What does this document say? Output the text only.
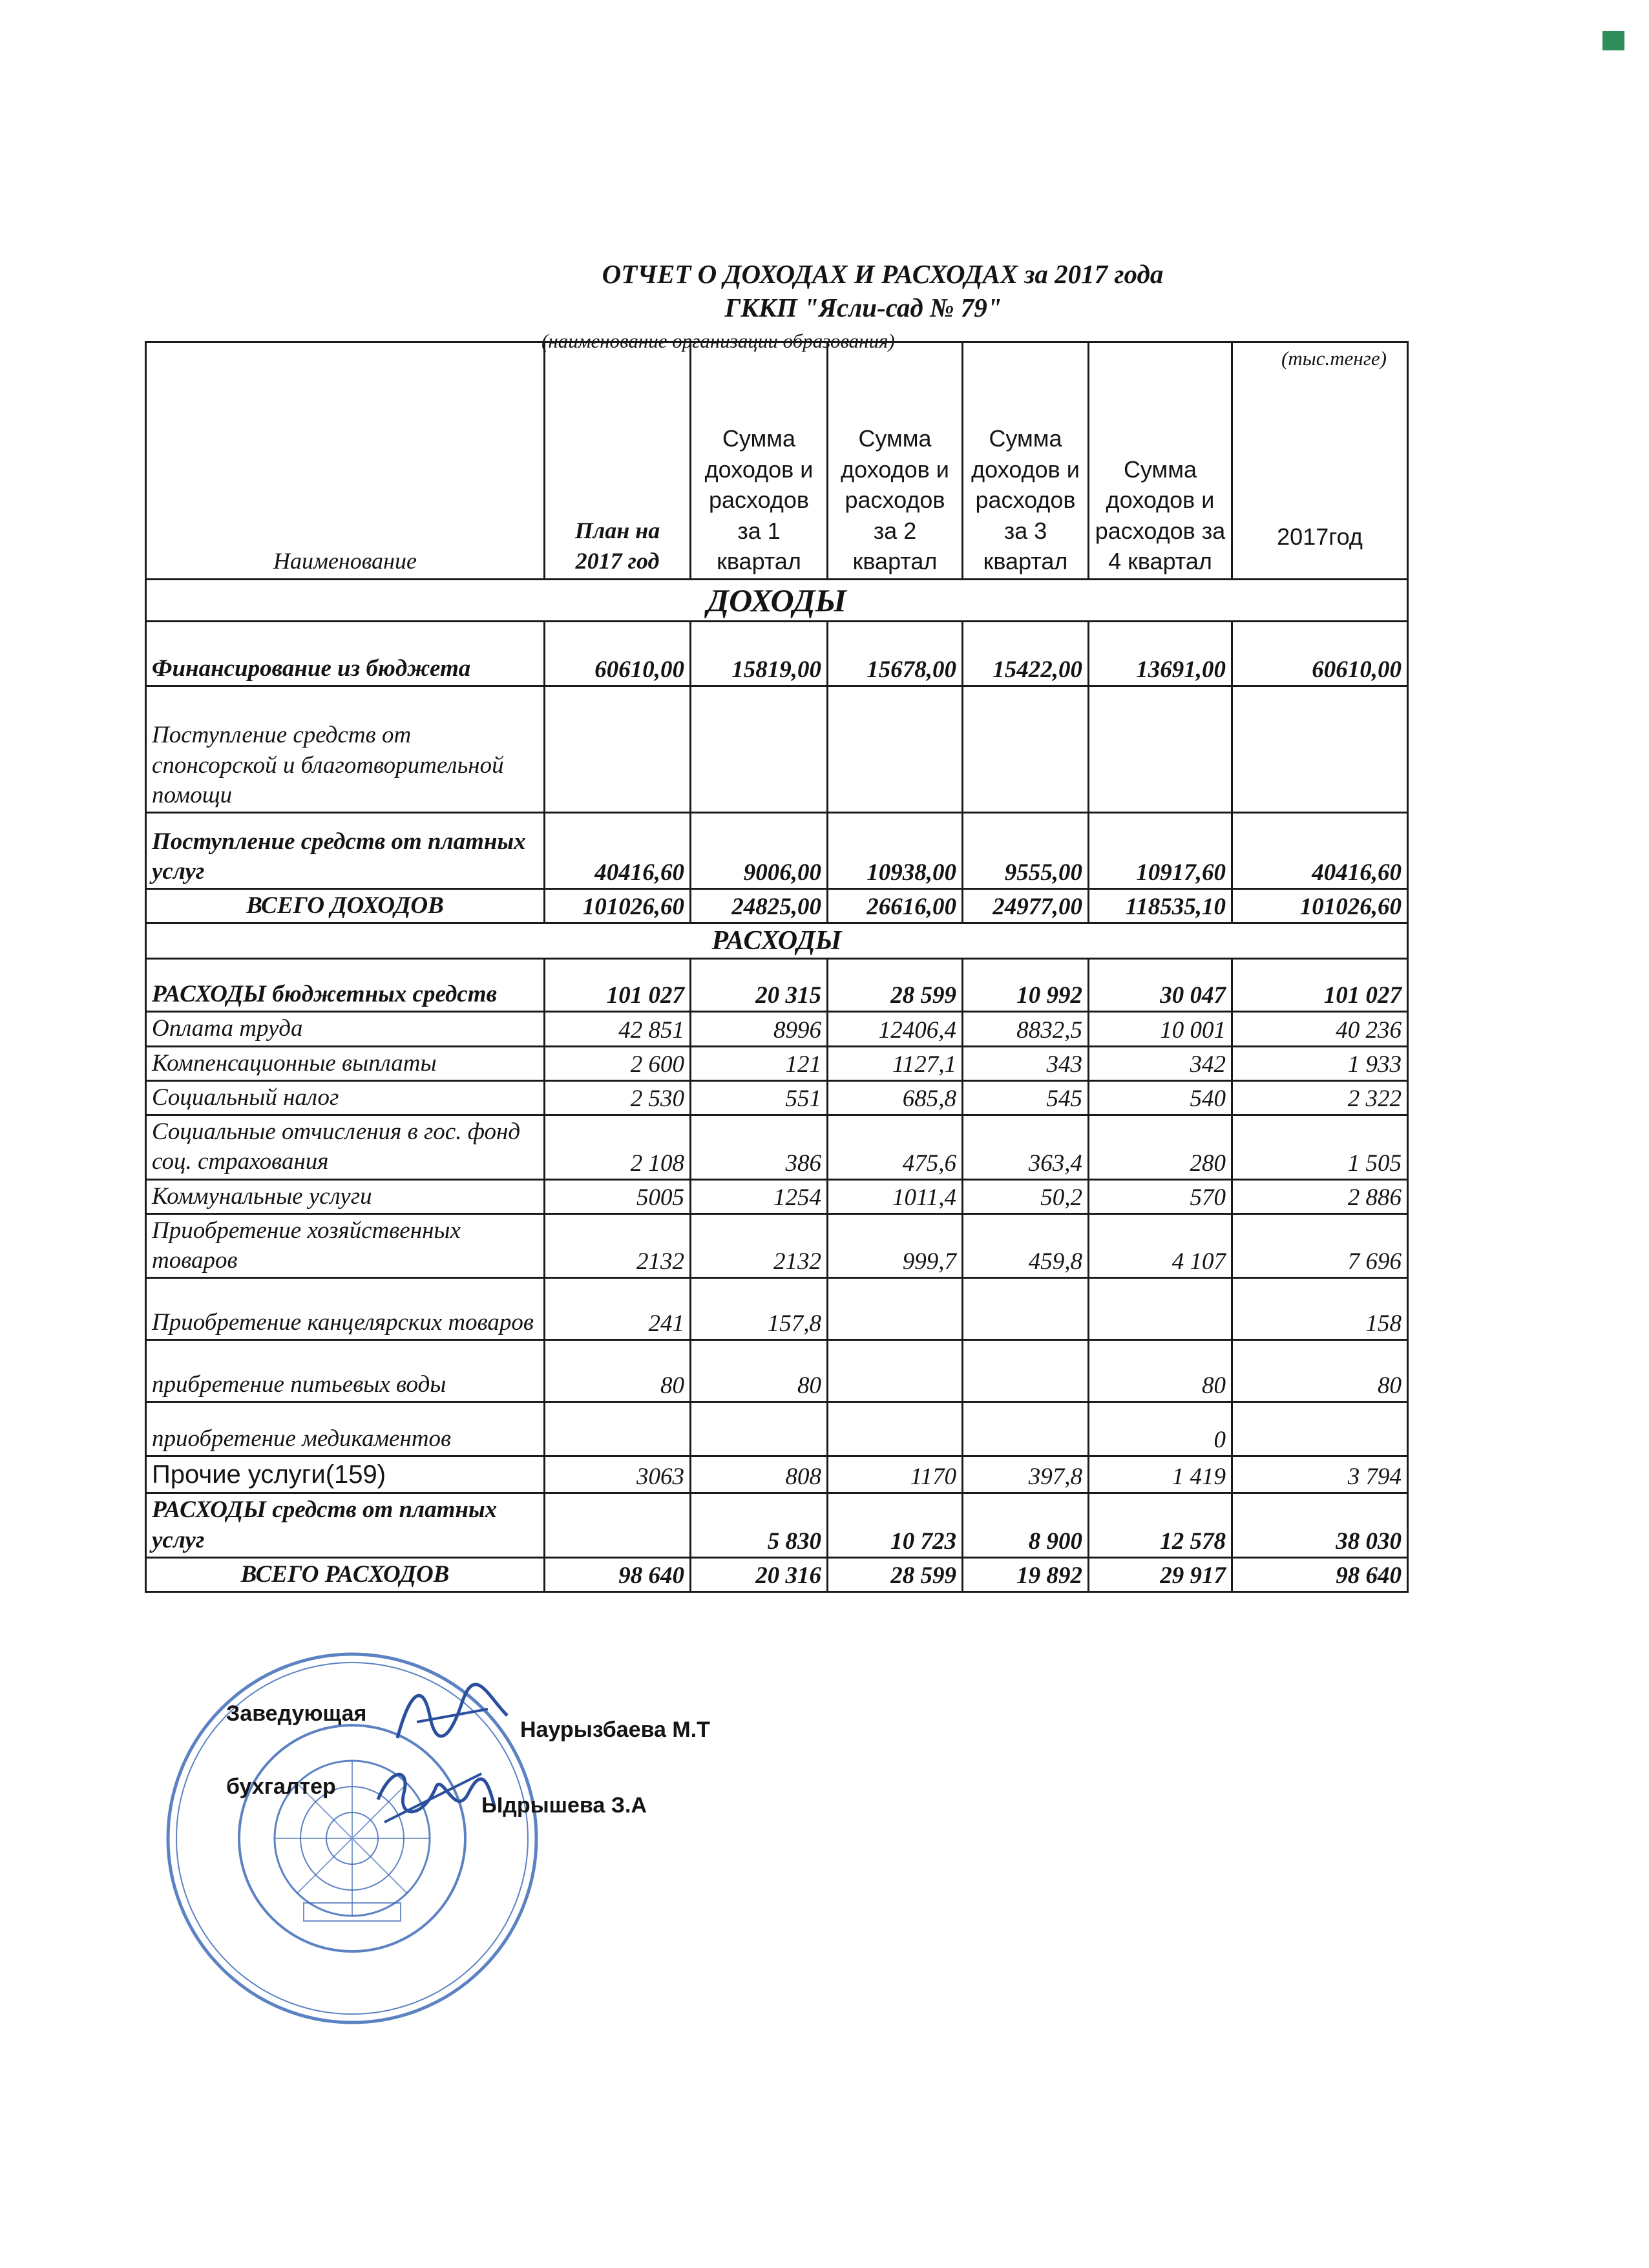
ОТЧЕТ О ДОХОДАХ И РАСХОДАХ за 2017 года
ГККП "Ясли-сад № 79"
(наименование организации образования)
(тыс.тенге)
Наименование	План на 2017 год	Сумма доходов и расходов за 1 квартал	Сумма доходов и расходов за 2 квартал	Сумма доходов и расходов за 3 квартал	Сумма доходов и расходов за 4 квартал	2017год
ДОХОДЫ						
Финансирование из бюджета	60610,00	15819,00	15678,00	15422,00	13691,00	60610,00
Поступление средств от спонсорской и благотворительной помощи						
Поступление средств от платных услуг	40416,60	9006,00	10938,00	9555,00	10917,60	40416,60
ВСЕГО ДОХОДОВ	101026,60	24825,00	26616,00	24977,00	118535,10	101026,60
РАСХОДЫ						
РАСХОДЫ бюджетных средств	101 027	20 315	28 599	10 992	30 047	101 027
Оплата труда	42 851	8996	12406,4	8832,5	10 001	40 236
Компенсационные выплаты	2 600	121	1127,1	343	342	1 933
Социальный налог	2 530	551	685,8	545	540	2 322
Социальные отчисления в гос. фонд соц. страхования	2 108	386	475,6	363,4	280	1 505
Коммунальные услуги	5005	1254	1011,4	50,2	570	2 886
Приобретение хозяйственных товаров	2132	2132	999,7	459,8	4 107	7 696
Приобретение канцелярских товаров	241	157,8				158
прибретение питьевых воды	80	80			80	80
приобретение медикаментов					0	
Прочие услуги(159)	3063	808	1170	397,8	1 419	3 794
РАСХОДЫ средств от платных услуг		5 830	10 723	8 900	12 578	38 030
ВСЕГО РАСХОДОВ	98 640	20 316	28 599	19 892	29 917	98 640
Заведующая
Наурызбаева М.Т
бухгалтер
Ыдрышева З.А
